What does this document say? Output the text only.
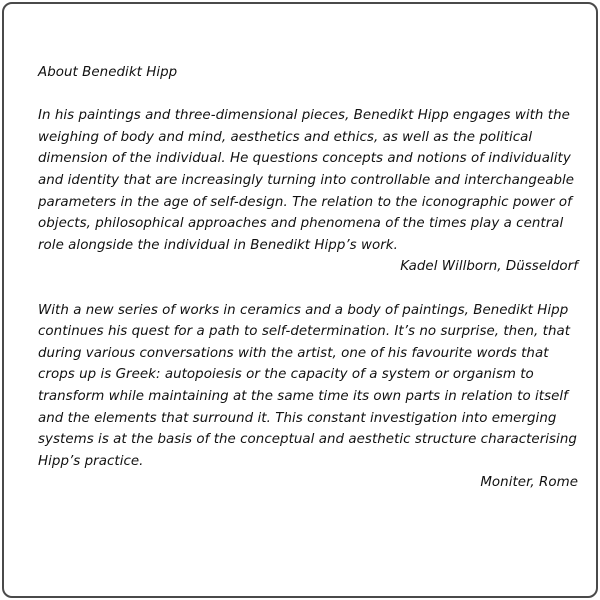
About Benedikt Hipp

In his paintings and three-dimensional pieces, Benedikt Hipp engages with the weighing of body and mind, aesthetics and ethics, as well as the political dimension of the individual. He questions concepts and notions of individuality and identity that are increasingly turning into controllable and interchangeable parameters in the age of self-design. The relation to the iconographic power of objects, philosophical approaches and phenomena of the times play a central role alongside the individual in Benedikt Hipp’s work.

Kadel Willborn, Düsseldorf

With a new series of works in ceramics and a body of paintings, Benedikt Hipp continues his quest for a path to self-determination. It’s no surprise, then, that during various conversations with the artist, one of his favourite words that crops up is Greek: autopoiesis or the capacity of a system or organism to transform while maintaining at the same time its own parts in relation to itself and the elements that surround it. This constant investigation into emerging systems is at the basis of the conceptual and aesthetic structure characterising Hipp’s practice.

Moniter, Rome
